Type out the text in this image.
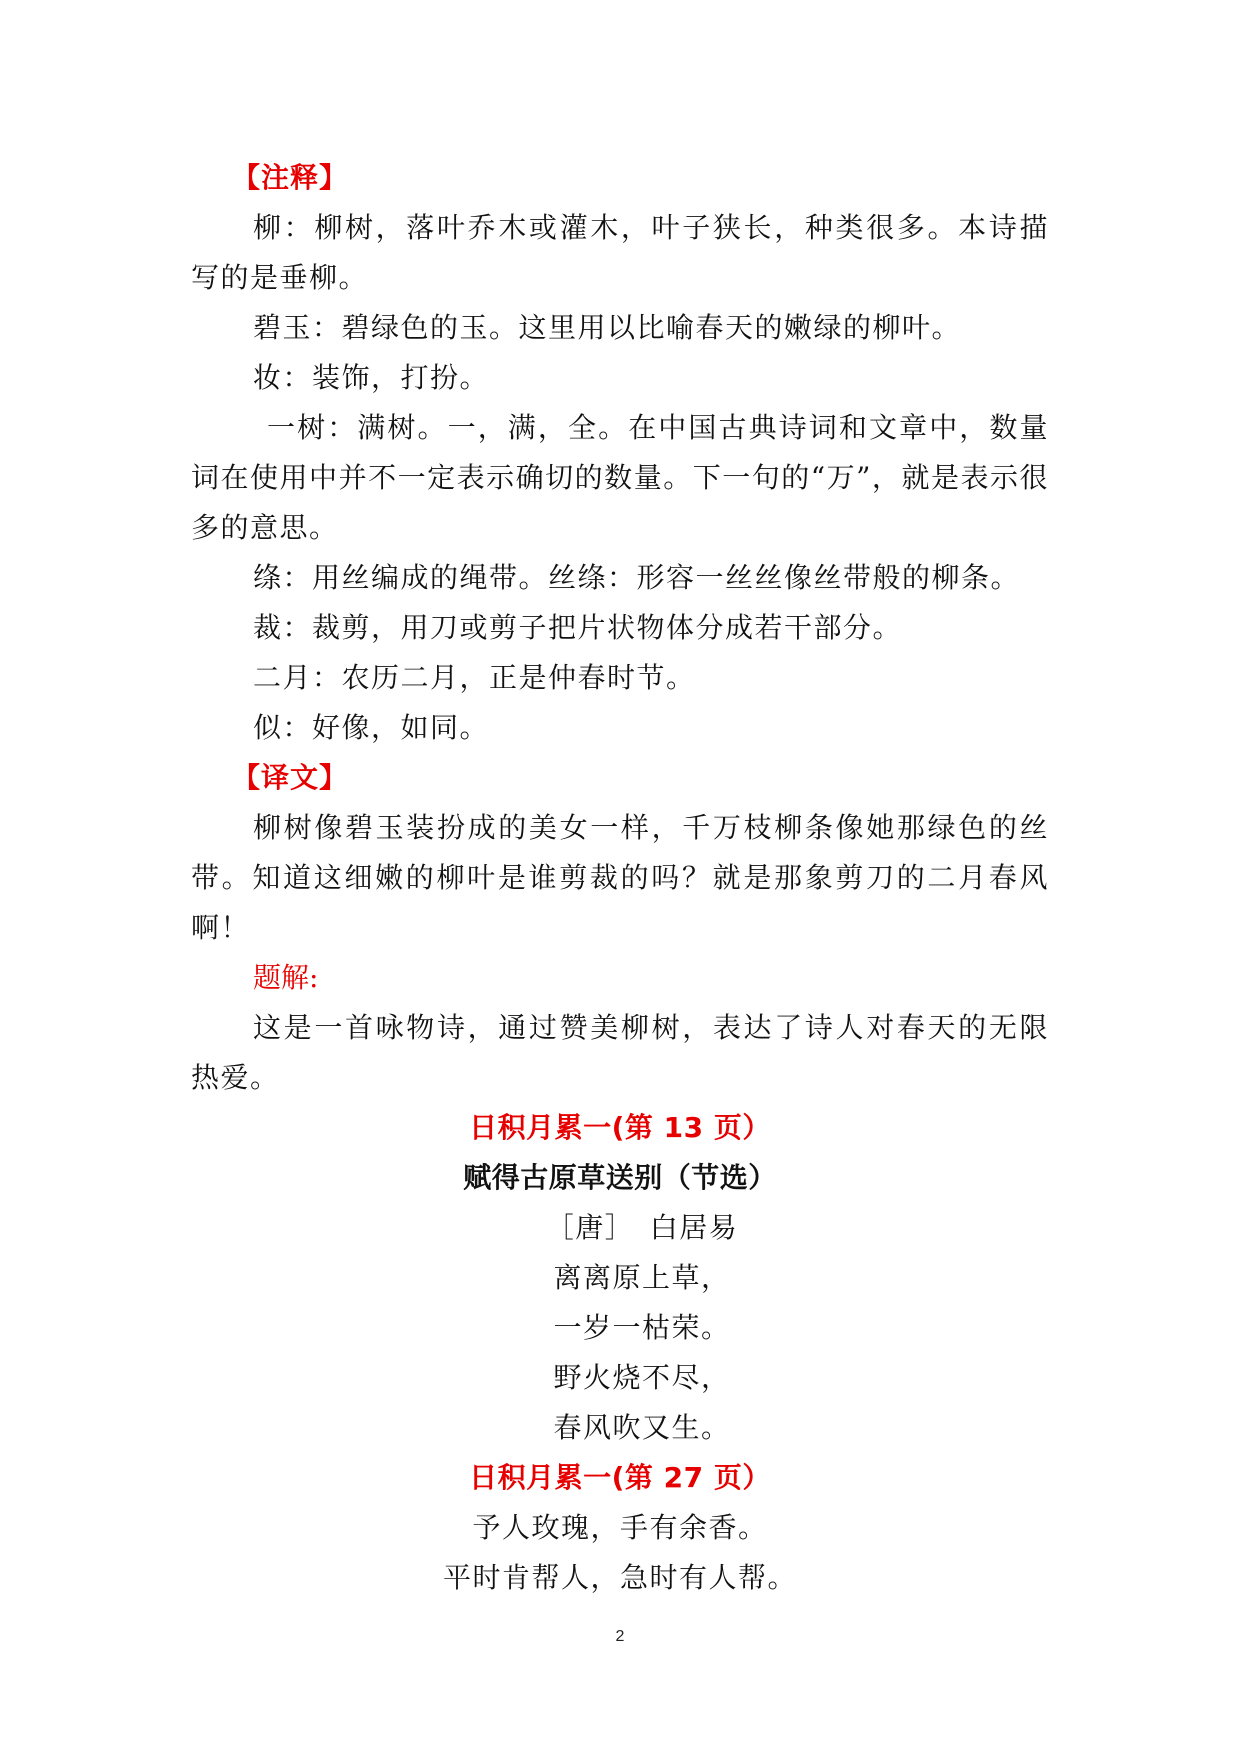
【注释】
柳：柳树，落叶乔木或灌木，叶子狭长，种类很多。本诗描写的是垂柳。
碧玉：碧绿色的玉。这里用以比喻春天的嫩绿的柳叶。
妆：装饰，打扮。
一树：满树。一，满，全。在中国古典诗词和文章中，数量词在使用中并不一定表示确切的数量。下一句的“万”，就是表示很多的意思。
绦：用丝编成的绳带。丝绦：形容一丝丝像丝带般的柳条。
裁：裁剪，用刀或剪子把片状物体分成若干部分。
二月：农历二月，正是仲春时节。
似：好像，如同。
【译文】
柳树像碧玉装扮成的美女一样，千万枝柳条像她那绿色的丝带。知道这细嫩的柳叶是谁剪裁的吗？就是那象剪刀的二月春风啊！
题解:
这是一首咏物诗，通过赞美柳树，表达了诗人对春天的无限热爱。
日积月累一(第 13 页）
赋得古原草送别（节选）
［唐］　白居易
离离原上草，
一岁一枯荣。
野火烧不尽，
春风吹又生。
日积月累一(第 27 页）
予人玫瑰，手有余香。
平时肯帮人，急时有人帮。
2
